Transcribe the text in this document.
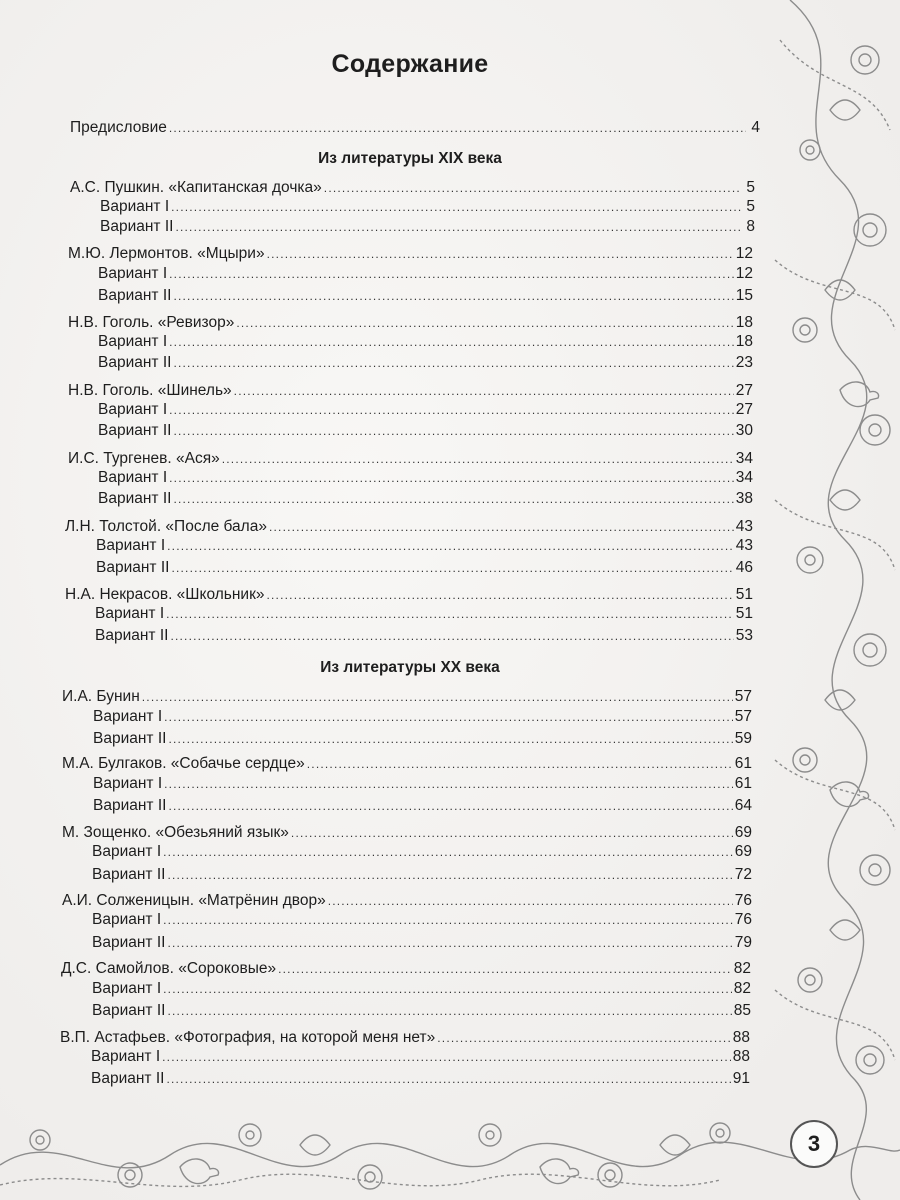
Содержание
Предисловие .....	4
Из литературы XIX века
А.С. Пушкин. «Капитанская дочка» .....	5
Вариант I .....	5
Вариант II .....	8
М.Ю. Лермонтов. «Мцыри» .....	12
Вариант I .....	12
Вариант II .....	15
Н.В. Гоголь. «Ревизор» .....	18
Вариант I .....	18
Вариант II .....	23
Н.В. Гоголь. «Шинель» .....	27
Вариант I .....	27
Вариант II .....	30
И.С. Тургенев. «Ася» .....	34
Вариант I .....	34
Вариант II .....	38
Л.Н. Толстой. «После бала» .....	43
Вариант I .....	43
Вариант II .....	46
Н.А. Некрасов. «Школьник» .....	51
Вариант I .....	51
Вариант II .....	53
Из литературы XX века
И.А. Бунин .....	57
Вариант I .....	57
Вариант II .....	59
М.А. Булгаков. «Собачье сердце» .....	61
Вариант I .....	61
Вариант II .....	64
М. Зощенко. «Обезьяний язык» .....	69
Вариант I .....	69
Вариант II .....	72
А.И. Солженицын. «Матрёнин двор» .....	76
Вариант I .....	76
Вариант II .....	79
Д.С. Самойлов. «Сороковые» .....	82
Вариант I .....	82
Вариант II .....	85
В.П. Астафьев. «Фотография, на которой меня нет» .....	88
Вариант I .....	88
Вариант II .....	91
3
